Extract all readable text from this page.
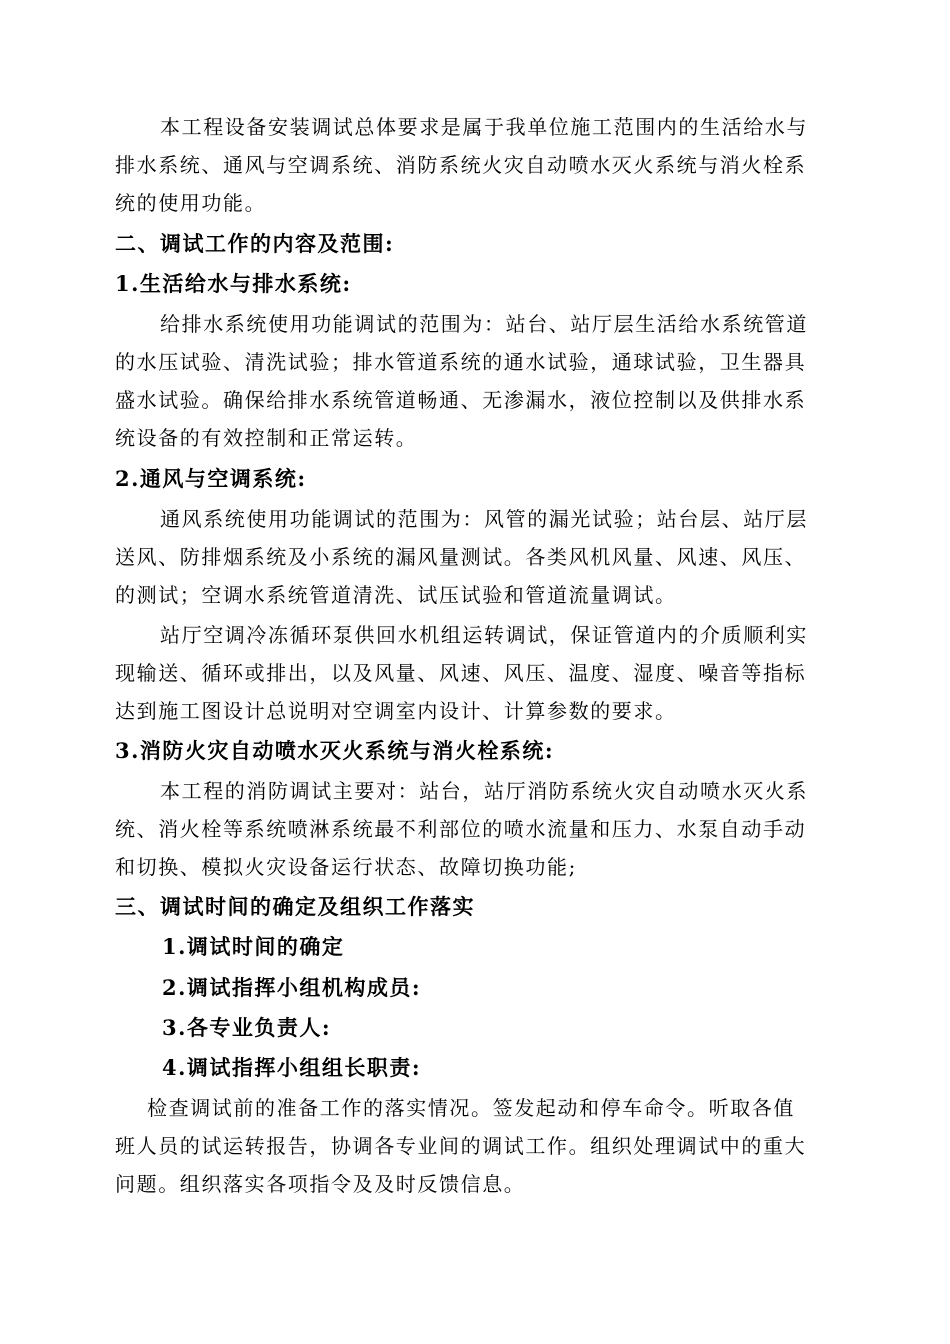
本工程设备安装调试总体要求是属于我单位施工范围内的生活给水与
排水系统、通风与空调系统、消防系统火灾自动喷水灭火系统与消火栓系
统的使用功能。
二、调试工作的内容及范围:
1.生活给水与排水系统:
给排水系统使用功能调试的范围为：站台、站厅层生活给水系统管道
的水压试验、清洗试验；排水管道系统的通水试验，通球试验，卫生器具
盛水试验。确保给排水系统管道畅通、无渗漏水，液位控制以及供排水系
统设备的有效控制和正常运转。
2.通风与空调系统:
通风系统使用功能调试的范围为：风管的漏光试验；站台层、站厅层
送风、防排烟系统及小系统的漏风量测试。各类风机风量、风速、风压、
的测试；空调水系统管道清洗、试压试验和管道流量调试。
站厅空调冷冻循环泵供回水机组运转调试，保证管道内的介质顺利实
现输送、循环或排出，以及风量、风速、风压、温度、湿度、噪音等指标
达到施工图设计总说明对空调室内设计、计算参数的要求。
3.消防火灾自动喷水灭火系统与消火栓系统:
本工程的消防调试主要对：站台，站厅消防系统火灾自动喷水灭火系
统、消火栓等系统喷淋系统最不利部位的喷水流量和压力、水泵自动手动
和切换、模拟火灾设备运行状态、故障切换功能;
三、调试时间的确定及组织工作落实
1.调试时间的确定
2.调试指挥小组机构成员:
3.各专业负责人:
4.调试指挥小组组长职责:
检查调试前的准备工作的落实情况。签发起动和停车命令。听取各值
班人员的试运转报告，协调各专业间的调试工作。组织处理调试中的重大
问题。组织落实各项指令及及时反馈信息。
